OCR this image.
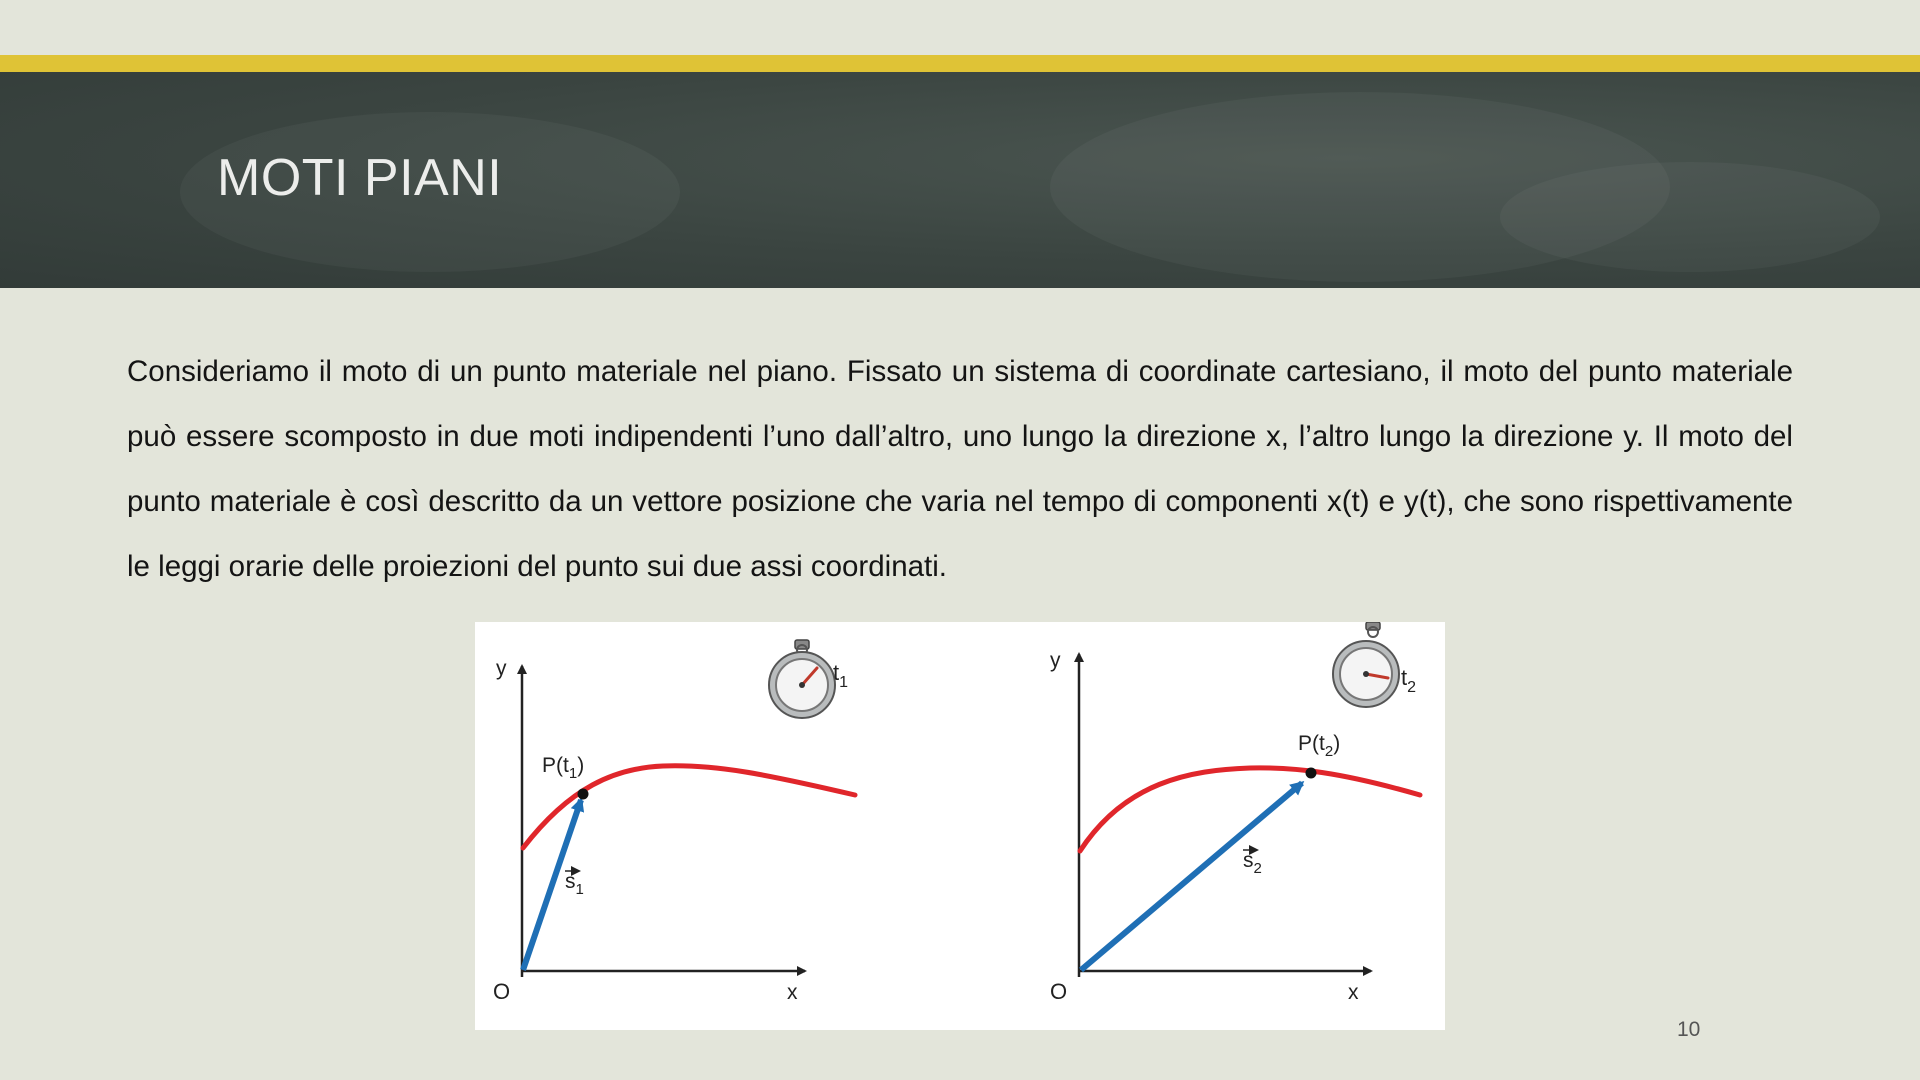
MOTI PIANI

Consideriamo il moto di un punto materiale nel piano. Fissato un sistema di coordinate cartesiano, il moto del punto materiale può essere scomposto in due moti indipendenti l’uno dall’altro, uno lungo la direzione x, l’altro lungo la direzione y. Il moto del punto materiale è così descritto da un vettore posizione che varia nel tempo di componenti x(t) e y(t), che sono rispettivamente le leggi orarie delle proiezioni del punto sui due assi coordinati.

y
x
O
$P(t_1)$
$s_1$
$t_1$
y
x
O
$P(t_2)$
$s_2$
$t_2$
10
